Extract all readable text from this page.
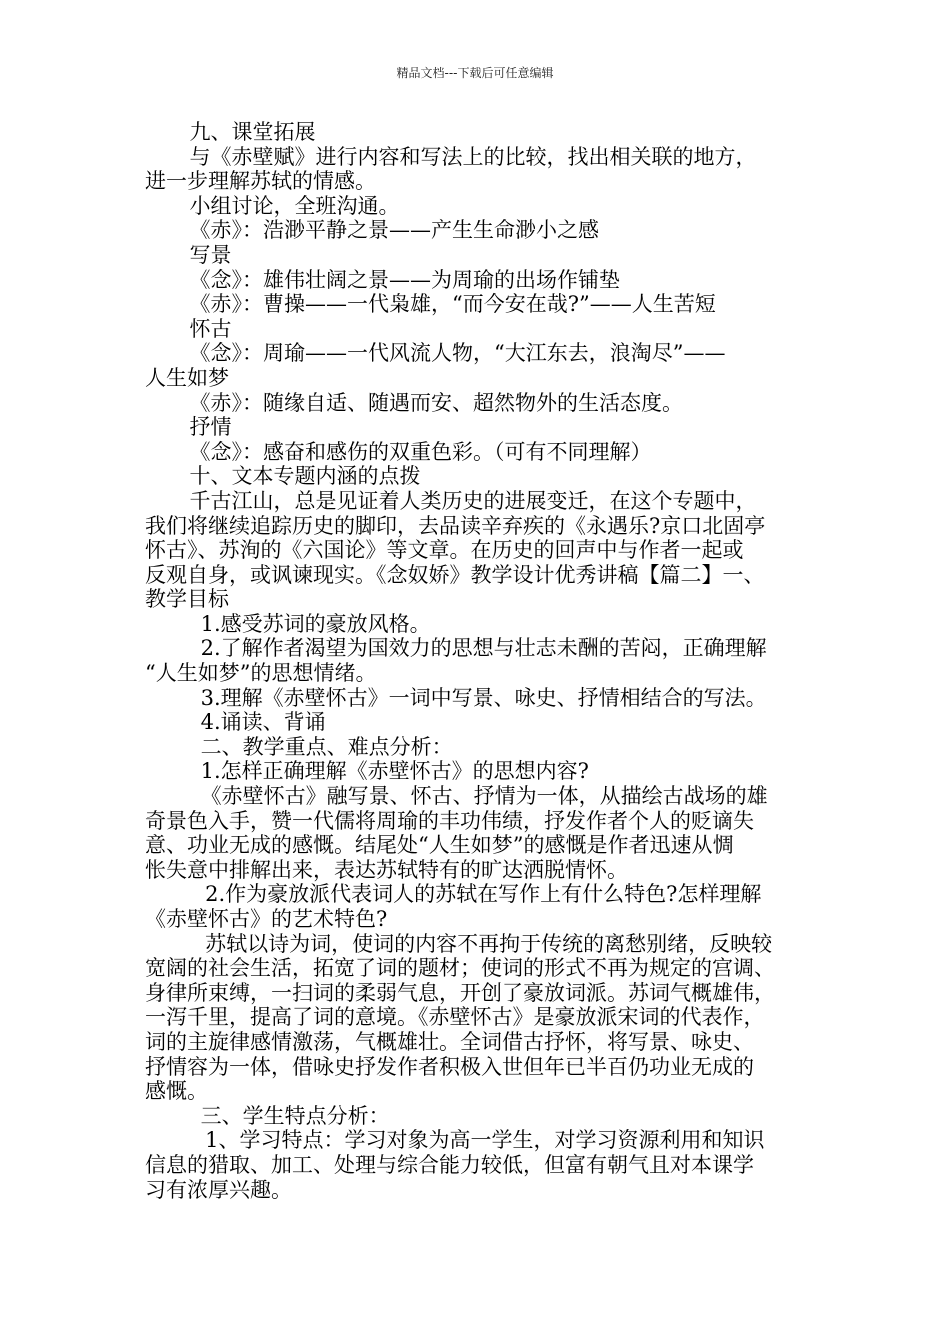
精品文档---下载后可任意编辑
九、课堂拓展
与《赤壁赋》进行内容和写法上的比较，找出相关联的地方，
进一步理解苏轼的情感。
小组讨论，全班沟通。
《赤》：浩渺平静之景——产生生命渺小之感
写景
《念》：雄伟壮阔之景——为周瑜的出场作铺垫
《赤》：曹操——一代枭雄，“而今安在哉?”——人生苦短
怀古
《念》：周瑜——一代风流人物，“大江东去，浪淘尽”——
人生如梦
《赤》：随缘自适、随遇而安、超然物外的生活态度。
抒情
《念》：感奋和感伤的双重色彩。（可有不同理解）
十、文本专题内涵的点拨
千古江山，总是见证着人类历史的进展变迁，在这个专题中，
我们将继续追踪历史的脚印，去品读辛弃疾的《永遇乐?京口北固亭
怀古》、苏洵的《六国论》等文章。在历史的回声中与作者一起或
反观自身，或讽谏现实。《念奴娇》教学设计优秀讲稿【篇二】一、
教学目标
1.感受苏词的豪放风格。
2.了解作者渴望为国效力的思想与壮志未酬的苦闷，正确理解
“人生如梦”的思想情绪。
3.理解《赤壁怀古》一词中写景、咏史、抒情相结合的写法。
4.诵读、背诵
二、教学重点、难点分析：
1.怎样正确理解《赤壁怀古》的思想内容?
《赤壁怀古》融写景、怀古、抒情为一体，从描绘古战场的雄
奇景色入手，赞一代儒将周瑜的丰功伟绩，抒发作者个人的贬谪失
意、功业无成的感慨。结尾处“人生如梦”的感慨是作者迅速从惆
怅失意中排解出来，表达苏轼特有的旷达洒脱情怀。
2.作为豪放派代表词人的苏轼在写作上有什么特色?怎样理解
《赤壁怀古》的艺术特色?
苏轼以诗为词，使词的内容不再拘于传统的离愁别绪，反映较
宽阔的社会生活，拓宽了词的题材；使词的形式不再为规定的宫调、
身律所束缚，一扫词的柔弱气息，开创了豪放词派。苏词气概雄伟，
一泻千里，提高了词的意境。《赤壁怀古》是豪放派宋词的代表作，
词的主旋律感情激荡，气概雄壮。全词借古抒怀，将写景、咏史、
抒情容为一体，借咏史抒发作者积极入世但年已半百仍功业无成的
感慨。
三、学生特点分析：
1、学习特点：学习对象为高一学生，对学习资源利用和知识
信息的猎取、加工、处理与综合能力较低，但富有朝气且对本课学
习有浓厚兴趣。
